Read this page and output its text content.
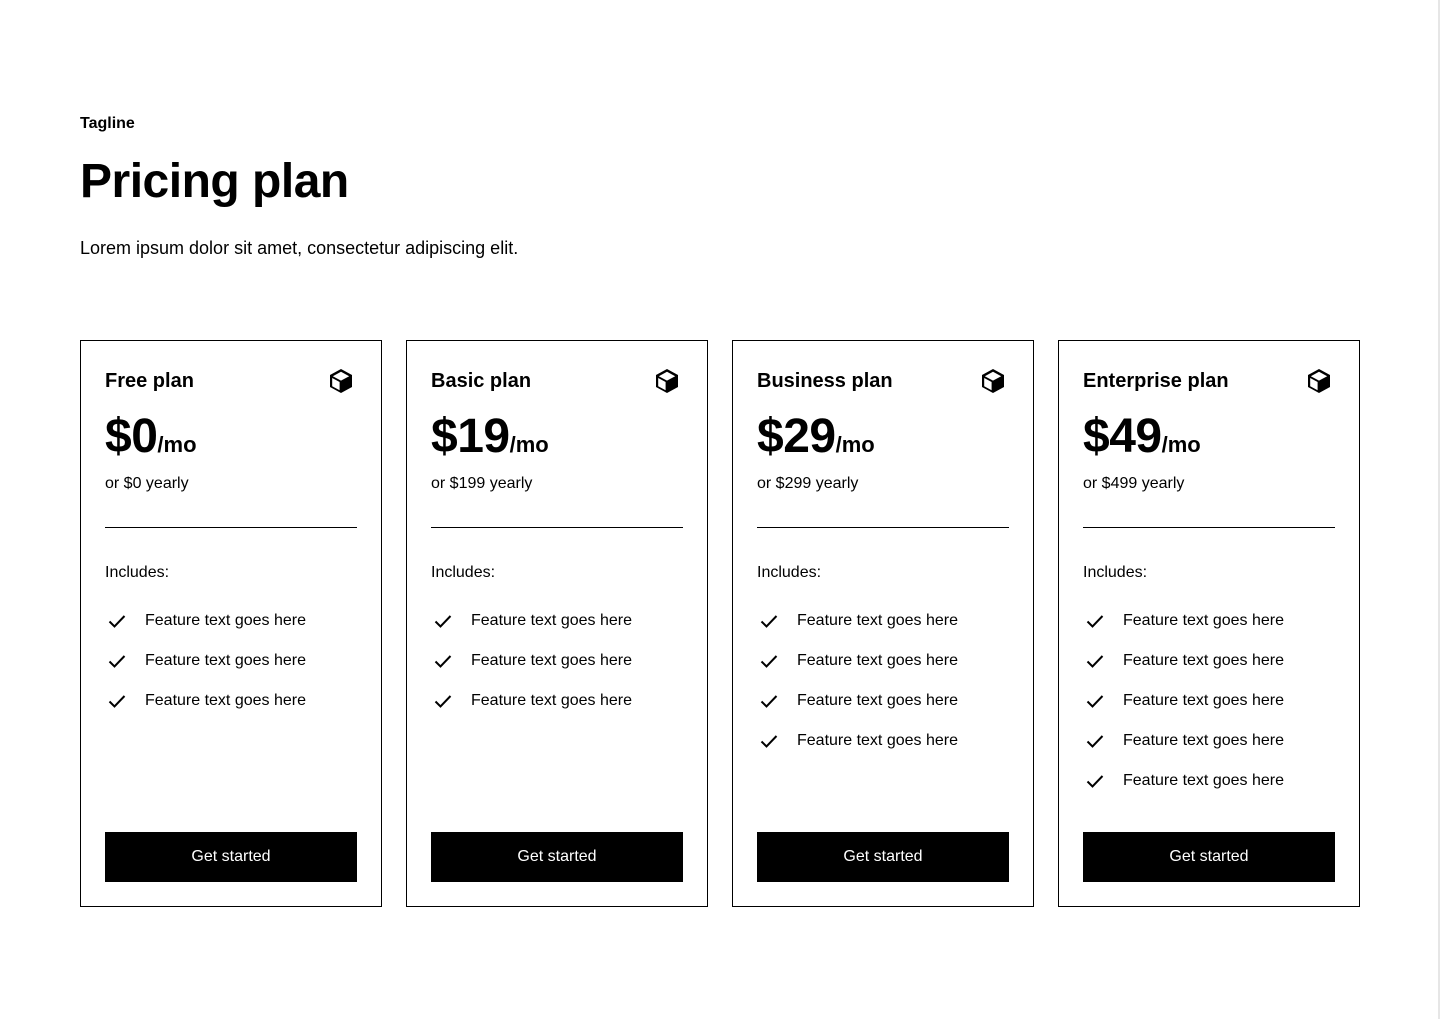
Tagline
Pricing plan
Lorem ipsum dolor sit amet, consectetur adipiscing elit.
Free plan
$0/mo
or $0 yearly
Includes:
Feature text goes here
Feature text goes here
Feature text goes here
Get started
Basic plan
$19/mo
or $199 yearly
Includes:
Feature text goes here
Feature text goes here
Feature text goes here
Get started
Business plan
$29/mo
or $299 yearly
Includes:
Feature text goes here
Feature text goes here
Feature text goes here
Feature text goes here
Get started
Enterprise plan
$49/mo
or $499 yearly
Includes:
Feature text goes here
Feature text goes here
Feature text goes here
Feature text goes here
Feature text goes here
Get started
